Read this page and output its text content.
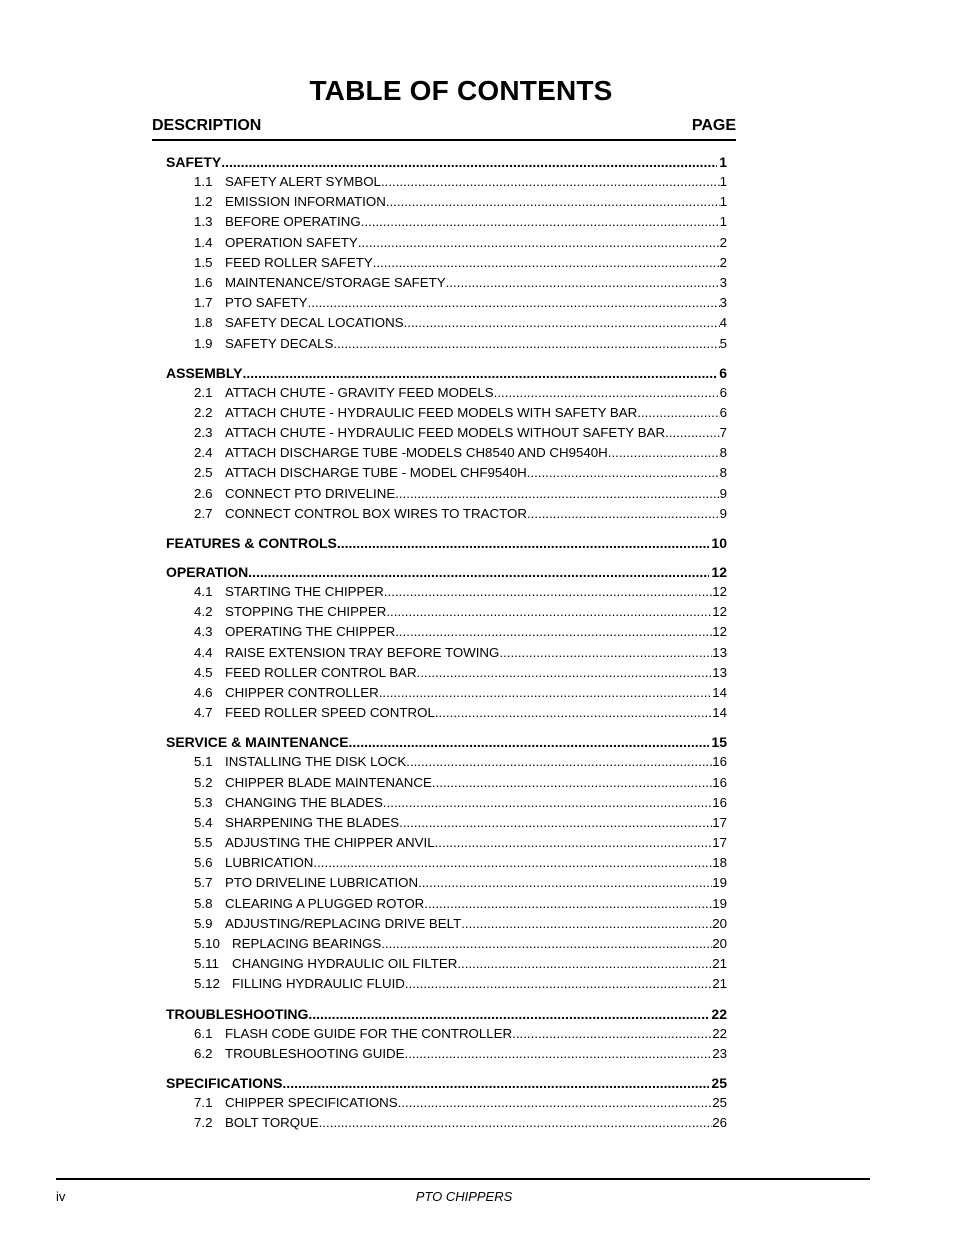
TABLE OF CONTENTS
DESCRIPTION	PAGE
SAFETY .....	1
1.1 SAFETY ALERT SYMBOL .....	1
1.2 EMISSION INFORMATION .....	1
1.3 BEFORE OPERATING .....	1
1.4 OPERATION SAFETY .....	2
1.5 FEED ROLLER SAFETY .....	2
1.6 MAINTENANCE/STORAGE SAFETY .....	3
1.7 PTO SAFETY .....	3
1.8 SAFETY DECAL LOCATIONS .....	4
1.9 SAFETY DECALS .....	5
ASSEMBLY .....	6
2.1 ATTACH CHUTE - GRAVITY FEED MODELS .....	6
2.2 ATTACH CHUTE - HYDRAULIC FEED MODELS WITH SAFETY BAR .....	6
2.3 ATTACH CHUTE - HYDRAULIC FEED MODELS WITHOUT SAFETY BAR .....	7
2.4 ATTACH DISCHARGE TUBE -MODELS CH8540 AND CH9540H .....	8
2.5 ATTACH DISCHARGE TUBE - MODEL CHF9540H .....	8
2.6 CONNECT PTO DRIVELINE .....	9
2.7 CONNECT CONTROL BOX WIRES TO TRACTOR .....	9
FEATURES & CONTROLS .....	10
OPERATION .....	12
4.1 STARTING THE CHIPPER .....	12
4.2 STOPPING THE CHIPPER .....	12
4.3 OPERATING THE CHIPPER .....	12
4.4 RAISE EXTENSION TRAY BEFORE TOWING .....	13
4.5 FEED ROLLER CONTROL BAR .....	13
4.6 CHIPPER CONTROLLER .....	14
4.7 FEED ROLLER SPEED CONTROL .....	14
SERVICE & MAINTENANCE .....	15
5.1 INSTALLING THE DISK LOCK .....	16
5.2 CHIPPER BLADE MAINTENANCE .....	16
5.3 CHANGING THE BLADES .....	16
5.4 SHARPENING THE BLADES .....	17
5.5 ADJUSTING THE CHIPPER ANVIL .....	17
5.6 LUBRICATION .....	18
5.7 PTO DRIVELINE LUBRICATION .....	19
5.8 CLEARING A PLUGGED ROTOR .....	19
5.9 ADJUSTING/REPLACING DRIVE BELT .....	20
5.10 REPLACING BEARINGS .....	20
5.11 CHANGING HYDRAULIC OIL FILTER .....	21
5.12 FILLING HYDRAULIC FLUID .....	21
TROUBLESHOOTING .....	22
6.1 FLASH CODE GUIDE FOR THE CONTROLLER .....	22
6.2 TROUBLESHOOTING GUIDE .....	23
SPECIFICATIONS .....	25
7.1 CHIPPER SPECIFICATIONS .....	25
7.2 BOLT TORQUE .....	26
iv	PTO CHIPPERS
